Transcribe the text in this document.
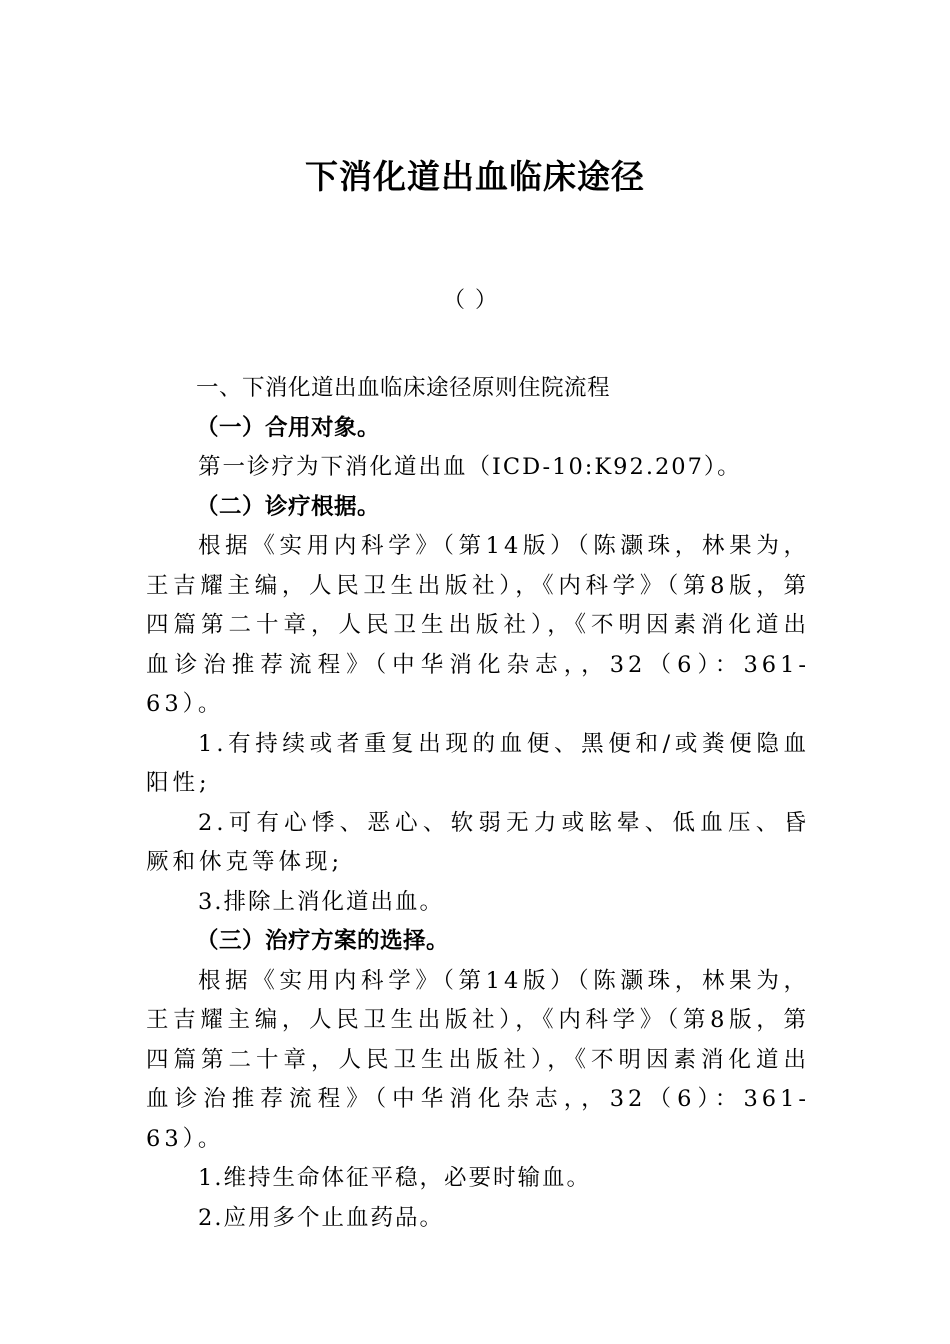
下消化道出血临床途径
（）

一、下消化道出血临床途径原则住院流程

（一）合用对象。

第一诊疗为下消化道出血（ICD-10:K92.207）。

（二）诊疗根据。

根据《实用内科学》（第14版）（陈灏珠，林果为，王吉耀主编，人民卫生出版社），《内科学》（第8版，第四篇第二十章，人民卫生出版社），《不明因素消化道出血诊治推荐流程》（中华消化杂志，，32（6）：361-63）。

1.有持续或者重复出现的血便、黑便和/或粪便隐血阳性;

2.可有心悸、恶心、软弱无力或眩晕、低血压、昏厥和休克等体现;

3.排除上消化道出血。

（三）治疗方案的选择。

根据《实用内科学》（第14版）（陈灏珠，林果为，王吉耀主编，人民卫生出版社），《内科学》（第8版，第四篇第二十章，人民卫生出版社），《不明因素消化道出血诊治推荐流程》（中华消化杂志，，32（6）：361-63）。

1.维持生命体征平稳，必要时输血。

2.应用多个止血药品。
